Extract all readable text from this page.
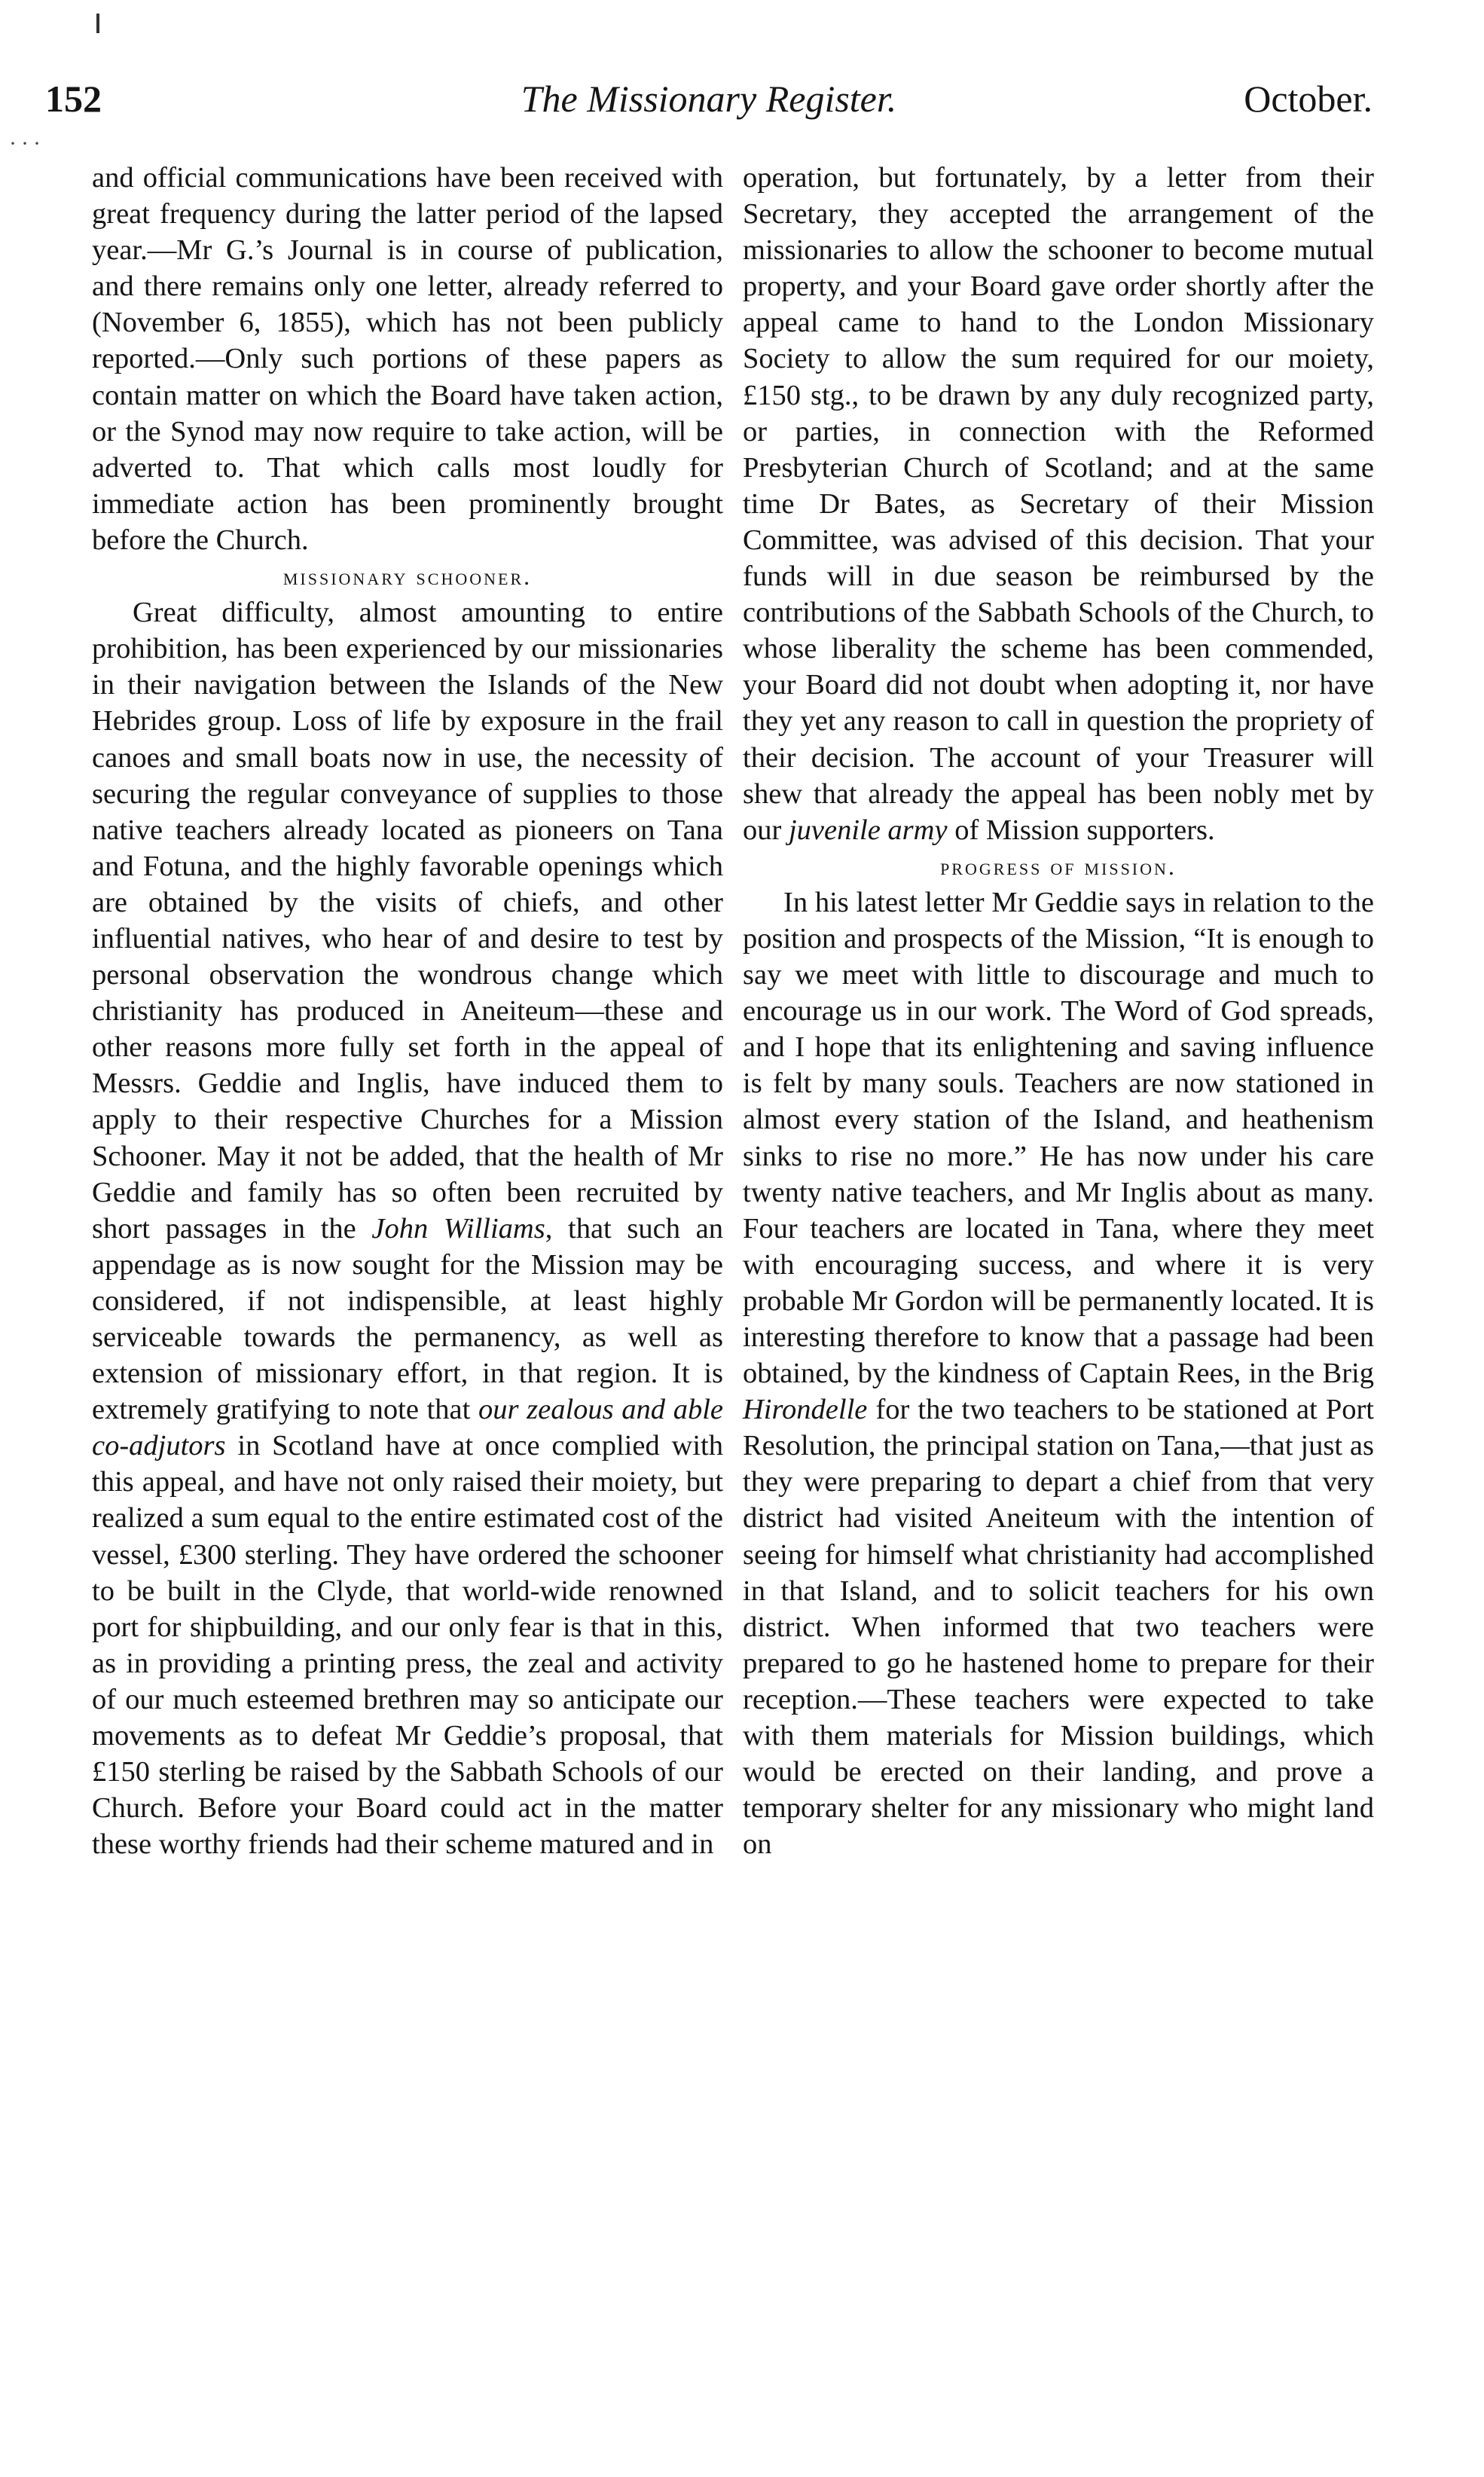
···
152	The Missionary Register.	October.

and official communications have been received with great frequency during the latter period of the lapsed year.—Mr G.’s Journal is in course of publication, and there remains only one letter, already referred to (November 6, 1855), which has not been publicly reported.—Only such portions of these papers as contain matter on which the Board have taken action, or the Synod may now require to take action, will be adverted to. That which calls most loudly for immediate action has been prominently brought before the Church.

missionary schooner.

Great difficulty, almost amounting to entire prohibition, has been experienced by our missionaries in their navigation between the Islands of the New Hebrides group. Loss of life by exposure in the frail canoes and small boats now in use, the necessity of securing the regular conveyance of supplies to those native teachers already located as pioneers on Tana and Fotuna, and the highly favorable openings which are obtained by the visits of chiefs, and other influential natives, who hear of and desire to test by personal observation the wondrous change which christianity has produced in Aneiteum—these and other reasons more fully set forth in the appeal of Messrs. Geddie and Inglis, have induced them to apply to their respective Churches for a Mission Schooner. May it not be added, that the health of Mr Geddie and family has so often been recruited by short passages in the John Williams, that such an appendage as is now sought for the Mission may be considered, if not indispensible, at least highly serviceable towards the permanency, as well as extension of missionary effort, in that region. It is extremely gratifying to note that our zealous and able co-adjutors in Scotland have at once complied with this appeal, and have not only raised their moiety, but realized a sum equal to the entire estimated cost of the vessel, £300 sterling. They have ordered the schooner to be built in the Clyde, that world-wide renowned port for shipbuilding, and our only fear is that in this, as in providing a printing press, the zeal and activity of our much esteemed brethren may so anticipate our movements as to defeat Mr Geddie’s proposal, that £150 sterling be raised by the Sabbath Schools of our Church. Before your Board could act in the matter these worthy friends had their scheme matured and in

operation, but fortunately, by a letter from their Secretary, they accepted the arrangement of the missionaries to allow the schooner to become mutual property, and your Board gave order shortly after the appeal came to hand to the London Missionary Society to allow the sum required for our moiety, £150 stg., to be drawn by any duly recognized party, or parties, in connection with the Reformed Presbyterian Church of Scotland; and at the same time Dr Bates, as Secretary of their Mission Committee, was advised of this decision. That your funds will in due season be reimbursed by the contributions of the Sabbath Schools of the Church, to whose liberality the scheme has been commended, your Board did not doubt when adopting it, nor have they yet any reason to call in question the propriety of their decision. The account of your Treasurer will shew that already the appeal has been nobly met by our juvenile army of Mission supporters.

progress of mission.

In his latest letter Mr Geddie says in relation to the position and prospects of the Mission, “It is enough to say we meet with little to discourage and much to encourage us in our work. The Word of God spreads, and I hope that its enlightening and saving influence is felt by many souls. Teachers are now stationed in almost every station of the Island, and heathenism sinks to rise no more.” He has now under his care twenty native teachers, and Mr Inglis about as many. Four teachers are located in Tana, where they meet with encouraging success, and where it is very probable Mr Gordon will be permanently located. It is interesting therefore to know that a passage had been obtained, by the kindness of Captain Rees, in the Brig Hirondelle for the two teachers to be stationed at Port Resolution, the principal station on Tana,—that just as they were preparing to depart a chief from that very district had visited Aneiteum with the intention of seeing for himself what christianity had accomplished in that Island, and to solicit teachers for his own district. When informed that two teachers were prepared to go he hastened home to prepare for their reception.—These teachers were expected to take with them materials for Mission buildings, which would be erected on their landing, and prove a temporary shelter for any missionary who might land on
